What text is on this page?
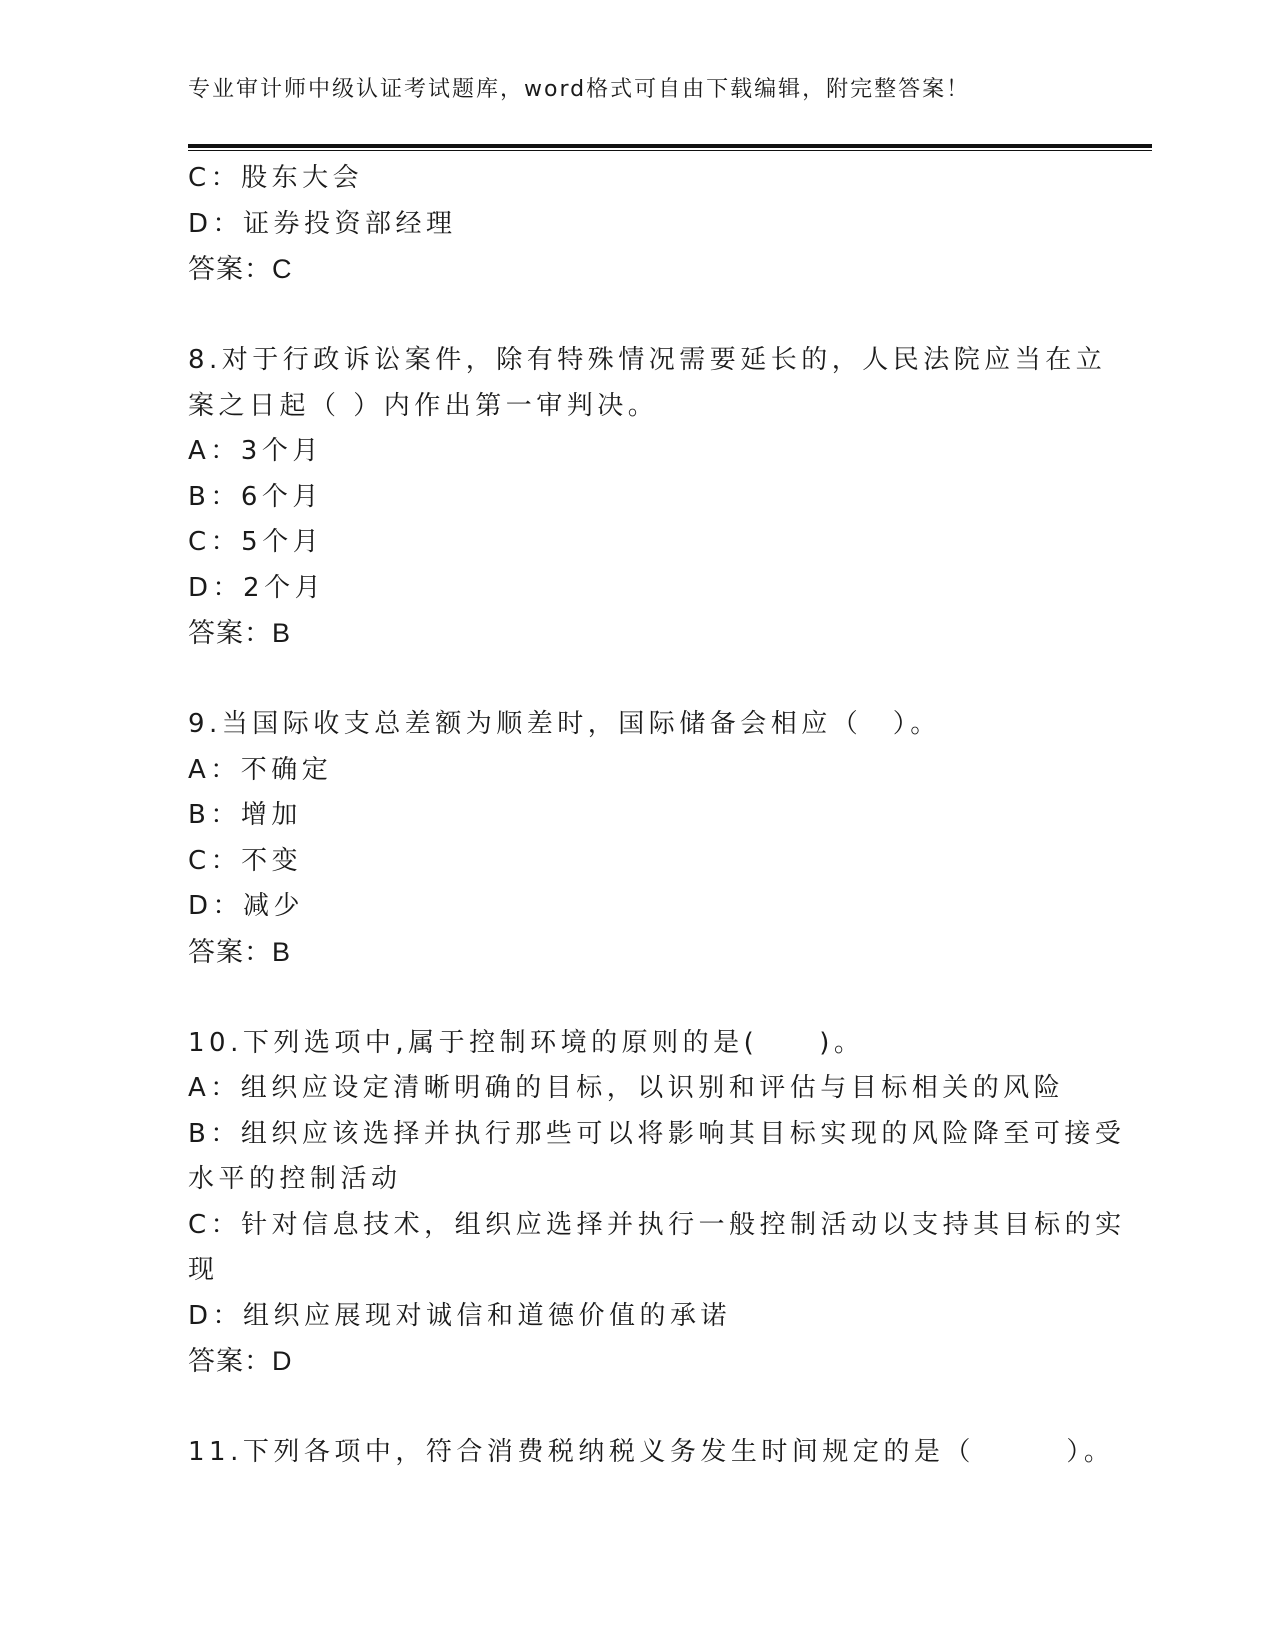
专业审计师中级认证考试题库，word格式可自由下载编辑，附完整答案！
C：股东大会
D：证券投资部经理
答案：C
8.对于行政诉讼案件，除有特殊情况需要延长的，人民法院应当在立
案之日起（ ）内作出第一审判决。
A：3个月
B：6个月
C：5个月
D：2个月
答案：B
9.当国际收支总差额为顺差时，国际储备会相应（　）。
A：不确定
B：增加
C：不变
D：减少
答案：B
10.下列选项中,属于控制环境的原则的是(　　)。
A：组织应设定清晰明确的目标，以识别和评估与目标相关的风险
B：组织应该选择并执行那些可以将影响其目标实现的风险降至可接受
水平的控制活动
C：针对信息技术，组织应选择并执行一般控制活动以支持其目标的实
现
D：组织应展现对诚信和道德价值的承诺
答案：D
11.下列各项中，符合消费税纳税义务发生时间规定的是（　　　）。
